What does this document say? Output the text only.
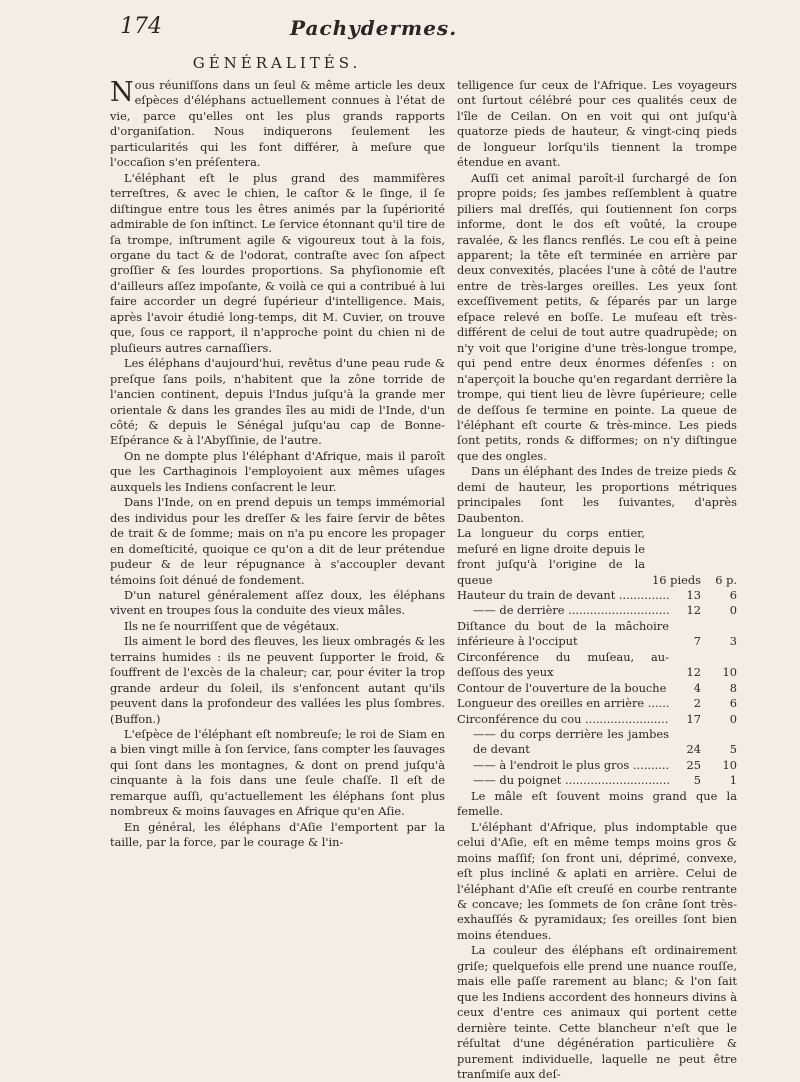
174	Pachydermes.
GÉNÉRALITÉS.

Nous réuniſſons dans un ſeul & même article les deux eſpèces d'éléphans actuellement connues à l'état de vie, parce qu'elles ont les plus grands rapports d'organiſation. Nous indiquerons ſeulement les particularités qui les font différer, à meſure que l'occaſion s'en préſentera.

L'éléphant eſt le plus grand des mammifères terreſtres, & avec le chien, le caſtor & le ſinge, il ſe diſtingue entre tous les êtres animés par la ſupériorité admirable de ſon inſtinct. Le ſervice étonnant qu'il tire de ſa trompe, inſtrument agile & vigoureux tout à la fois, organe du tact & de l'odorat, contraſte avec ſon aſpect groſſier & ſes lourdes proportions. Sa phyſionomie eſt d'ailleurs aſſez impoſante, & voilà ce qui a contribué à lui faire accorder un degré ſupérieur d'intelligence. Mais, après l'avoir étudié long-temps, dit M. Cuvier, on trouve que, ſous ce rapport, il n'approche point du chien ni de pluſieurs autres carnaſſiers.

Les éléphans d'aujourd'hui, revêtus d'une peau rude & preſque ſans poils, n'habitent que la zône torride de l'ancien continent, depuis l'Indus juſqu'à la grande mer orientale & dans les grandes îles au midi de l'Inde, d'un côté; & depuis le Sénégal juſqu'au cap de Bonne-Eſpérance & à l'Abyſſinie, de l'autre.

On ne dompte plus l'éléphant d'Afrique, mais il paroît que les Carthaginois l'employoient aux mêmes uſages auxquels les Indiens conſacrent le leur.

Dans l'Inde, on en prend depuis un temps immémorial des individus pour les dreſſer & les faire ſervir de bêtes de trait & de ſomme; mais on n'a pu encore les propager en domeſticité, quoique ce qu'on a dit de leur prétendue pudeur & de leur répugnance à s'accoupler devant témoins ſoit dénué de fondement.

D'un naturel généralement aſſez doux, les éléphans vivent en troupes ſous la conduite des vieux mâles.

Ils ne ſe nourriſſent que de végétaux.

Ils aiment le bord des fleuves, les lieux ombragés & les terrains humides : ils ne peuvent ſupporter le froid, & ſouffrent de l'excès de la chaleur; car, pour éviter la trop grande ardeur du ſoleil, ils s'enfoncent autant qu'ils peuvent dans la profondeur des vallées les plus ſombres. (Buffon.)

L'eſpèce de l'éléphant eſt nombreuſe; le roi de Siam en a bien vingt mille à ſon ſervice, ſans compter les ſauvages qui ſont dans les montagnes, & dont on prend juſqu'à cinquante à la fois dans une ſeule chaſſe. Il eſt de remarque auſſi, qu'actuellement les éléphans ſont plus nombreux & moins ſauvages en Afrique qu'en Aſie.

En général, les éléphans d'Aſie l'emportent par la taille, par la force, par le courage & l'in-

telligence ſur ceux de l'Afrique. Les voyageurs ont ſurtout célébré pour ces qualités ceux de l'île de Ceilan. On en voit qui ont juſqu'à quatorze pieds de hauteur, & vingt-cinq pieds de longueur lorſqu'ils tiennent la trompe étendue en avant.

Auſſi cet animal paroît-il ſurchargé de ſon propre poids; ſes jambes reſſemblent à quatre piliers mal dreſſés, qui ſoutiennent ſon corps informe, dont le dos eſt voûté, la croupe ravalée, & les flancs renflés. Le cou eſt à peine apparent; la tête eſt terminée en arrière par deux convexités, placées l'une à côté de l'autre entre de très-larges oreilles. Les yeux ſont exceſſivement petits, & ſéparés par un large eſpace relevé en boſſe. Le muſeau eſt très-différent de celui de tout autre quadrupède; on n'y voit que l'origine d'une très-longue trompe, qui pend entre deux énormes défenſes : on n'aperçoit la bouche qu'en regardant derrière la trompe, qui tient lieu de lèvre ſupérieure; celle de deſſous ſe termine en pointe. La queue de l'éléphant eſt courte & très-mince. Les pieds ſont petits, ronds & difformes; on n'y diſtingue que des ongles.

Dans un éléphant des Indes de treize pieds & demi de hauteur, les proportions métriques principales ſont les ſuivantes, d'après Daubenton.

La longueur du corps entier, meſuré en ligne droite depuis le front juſqu'à l'origine de la queue	16 pieds	6 p.
Hauteur du train de devant .....	13	6
—— de derrière .....	12	0
Diſtance du bout de la mâchoire inférieure à l'occiput	7	3
Circonférence du muſeau, au-deſſous des yeux	12	10
Contour de l'ouverture de la bouche	4	8
Longueur des oreilles en arrière .....	2	6
Circonférence du cou .....	17	0
—— du corps derrière les jambes de devant	24	5
—— à l'endroit le plus gros .....	25	10
—— du poignet .....	5	1

Le mâle eſt ſouvent moins grand que la femelle.

L'éléphant d'Afrique, plus indomptable que celui d'Aſie, eſt en même temps moins gros & moins maſſif; ſon front uni, déprimé, convexe, eſt plus incliné & aplati en arrière. Celui de l'éléphant d'Aſie eſt creuſé en courbe rentrante & concave; les ſommets de ſon crâne ſont très-exhauſſés & pyramidaux; ſes oreilles ſont bien moins étendues.

La couleur des éléphans eſt ordinairement griſe; quelquefois elle prend une nuance rouſſe, mais elle paſſe rarement au blanc; & l'on ſait que les Indiens accordent des honneurs divins à ceux d'entre ces animaux qui portent cette dernière teinte. Cette blancheur n'eſt que le réſultat d'une dégénération particulière & purement individuelle, laquelle ne peut être tranſmiſe aux deſ-
